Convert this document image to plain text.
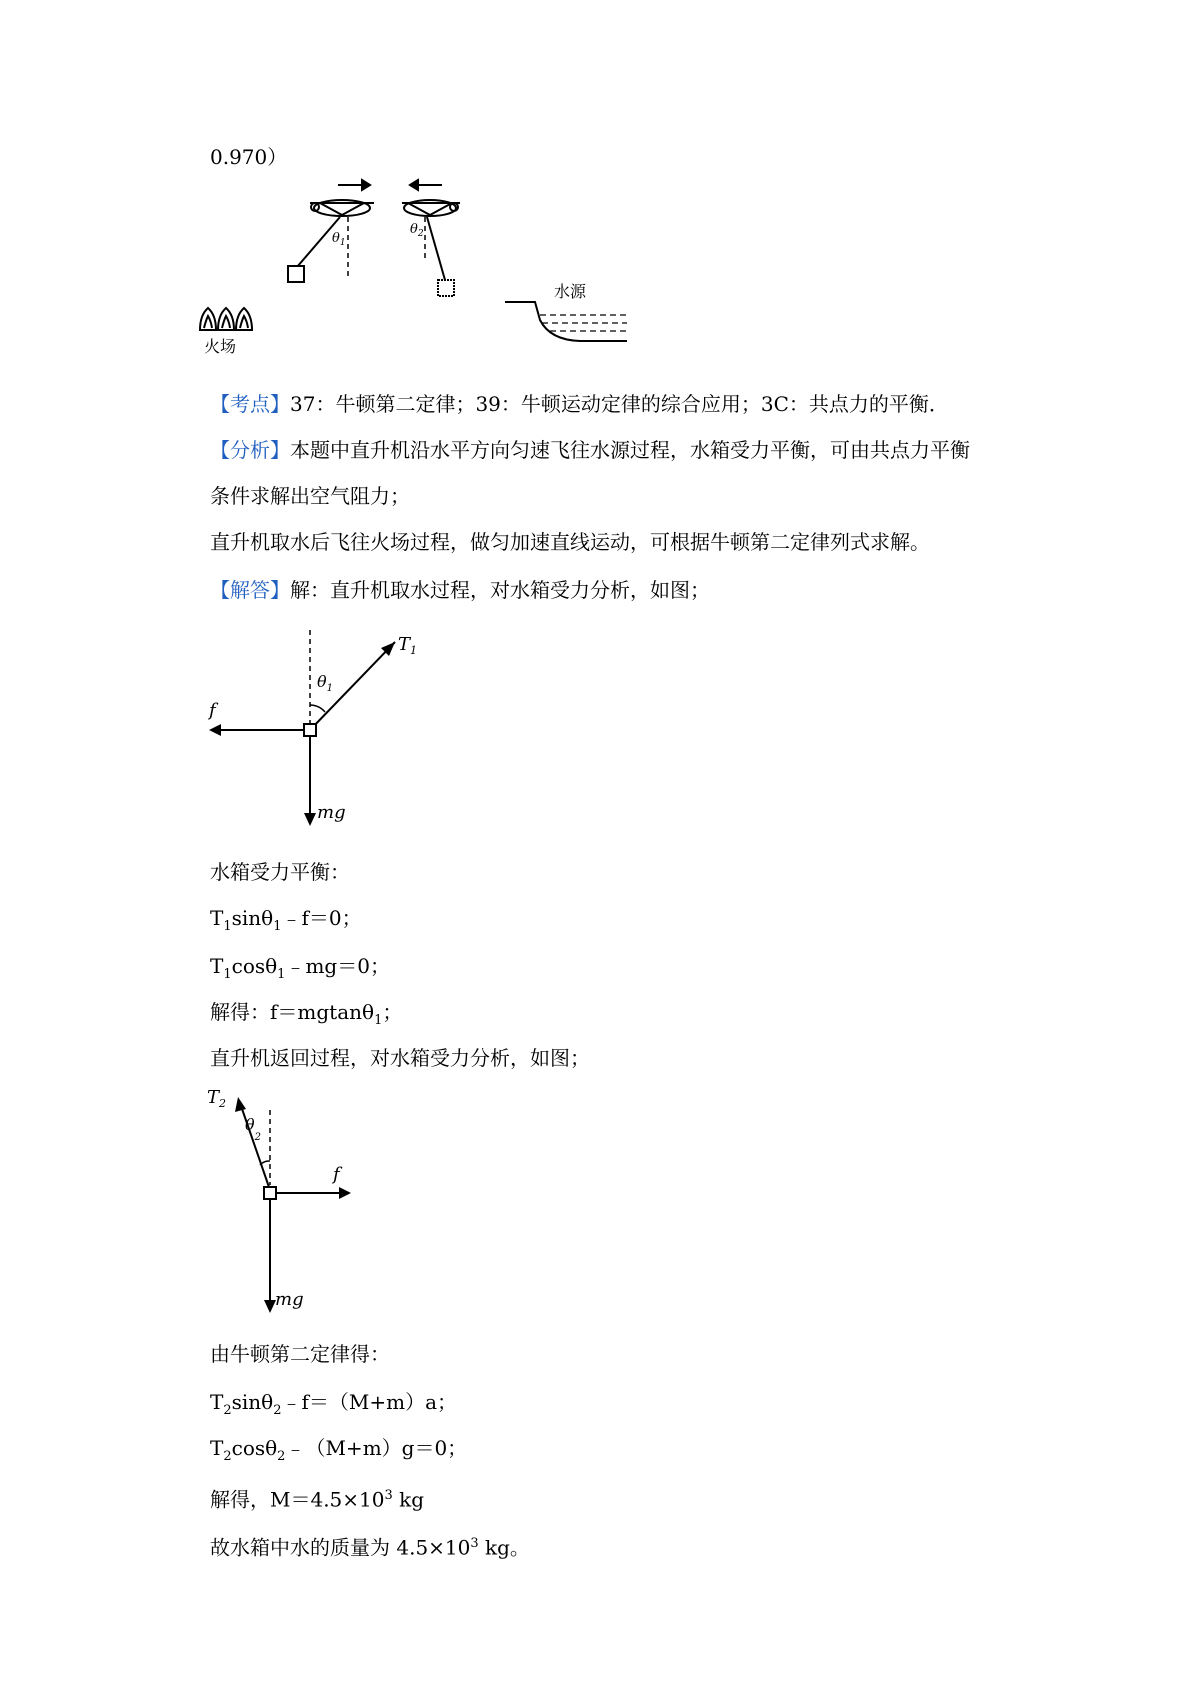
0.970）
$\theta_1$
$\theta_2$
水源
火场
【考点】37：牛顿第二定律；39：牛顿运动定律的综合应用；3C：共点力的平衡．
【分析】本题中直升机沿水平方向匀速飞往水源过程，水箱受力平衡，可由共点力平衡
条件求解出空气阻力；
直升机取水后飞往火场过程，做匀加速直线运动，可根据牛顿第二定律列式求解。
【解答】解：直升机取水过程，对水箱受力分析，如图；
$T_1$
$\theta_1$
f
mg
水箱受力平衡：
$T_1\sin\theta_1﹣f=0$；
$T_1\cos\theta_1﹣mg=0$；
解得：f＝mgtanθ$_1$；
直升机返回过程，对水箱受力分析，如图；
$T_2$
$\theta_2$
f
mg
由牛顿第二定律得：
$T_2\sin\theta_2﹣f=(M+m)a$；
$T_2\cos\theta_2﹣(M+m)g=0$；
解得，$M=4.5\times 10^3$ kg
故水箱中水的质量为 $4.5\times 10^3$ kg。
